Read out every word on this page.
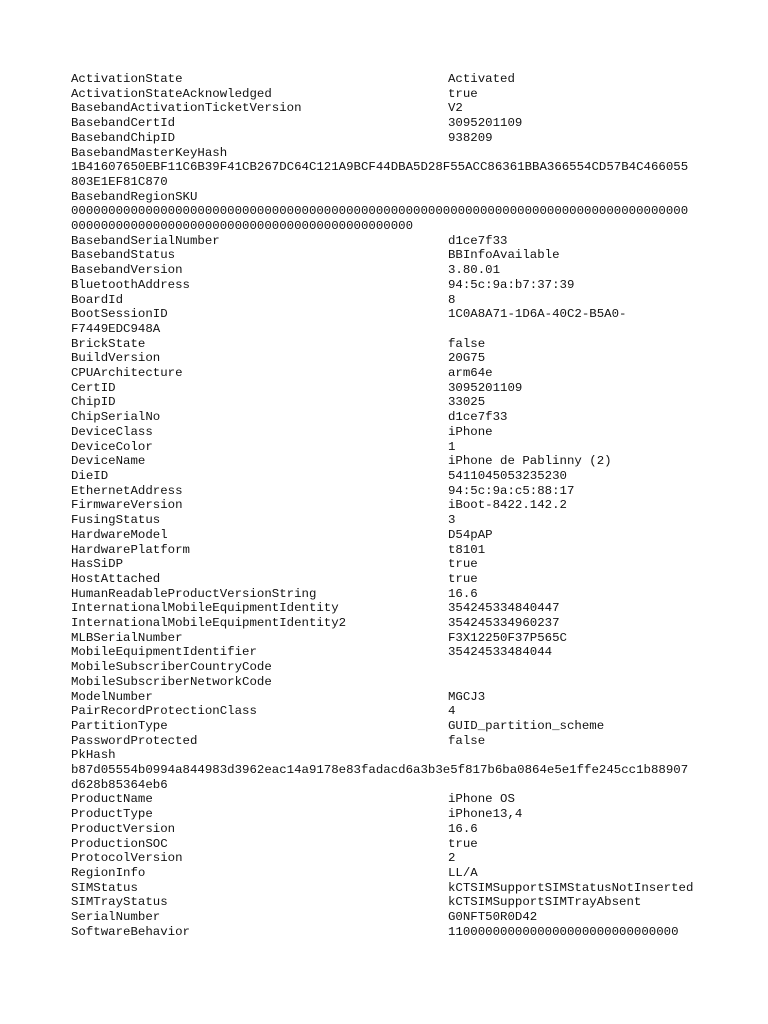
ActivationState	Activated
ActivationStateAcknowledged	true
BasebandActivationTicketVersion	V2
BasebandCertId	3095201109
BasebandChipID	938209
BasebandMasterKeyHash
1B41607650EBF11C6B39F41CB267DC64C121A9BCF44DBA5D28F55ACC86361BBA366554CD57B4C466055
803E1EF81C870
BasebandRegionSKU
00000000000000000000000000000000000000000000000000000000000000000000000000000000000
0000000000000000000000000000000000000000000000
BasebandSerialNumber	d1ce7f33
BasebandStatus	BBInfoAvailable
BasebandVersion	3.80.01
BluetoothAddress	94:5c:9a:b7:37:39
BoardId	8
BootSessionID	1C0A8A71-1D6A-40C2-B5A0-
F7449EDC948A
BrickState	false
BuildVersion	20G75
CPUArchitecture	arm64e
CertID	3095201109
ChipID	33025
ChipSerialNo	d1ce7f33
DeviceClass	iPhone
DeviceColor	1
DeviceName	iPhone de Pablinny (2)
DieID	5411045053235230
EthernetAddress	94:5c:9a:c5:88:17
FirmwareVersion	iBoot-8422.142.2
FusingStatus	3
HardwareModel	D54pAP
HardwarePlatform	t8101
HasSiDP	true
HostAttached	true
HumanReadableProductVersionString	16.6
InternationalMobileEquipmentIdentity	354245334840447
InternationalMobileEquipmentIdentity2	354245334960237
MLBSerialNumber	F3X12250F37P565C
MobileEquipmentIdentifier	35424533484044
MobileSubscriberCountryCode
MobileSubscriberNetworkCode
ModelNumber	MGCJ3
PairRecordProtectionClass	4
PartitionType	GUID_partition_scheme
PasswordProtected	false
PkHash
b87d05554b0994a844983d3962eac14a9178e83fadacd6a3b3e5f817b6ba0864e5e1ffe245cc1b88907
d628b85364eb6
ProductName	iPhone OS
ProductType	iPhone13,4
ProductVersion	16.6
ProductionSOC	true
ProtocolVersion	2
RegionInfo	LL/A
SIMStatus	kCTSIMSupportSIMStatusNotInserted
SIMTrayStatus	kCTSIMSupportSIMTrayAbsent
SerialNumber	G0NFT50R0D42
SoftwareBehavior	1100000000000000000000000000000
